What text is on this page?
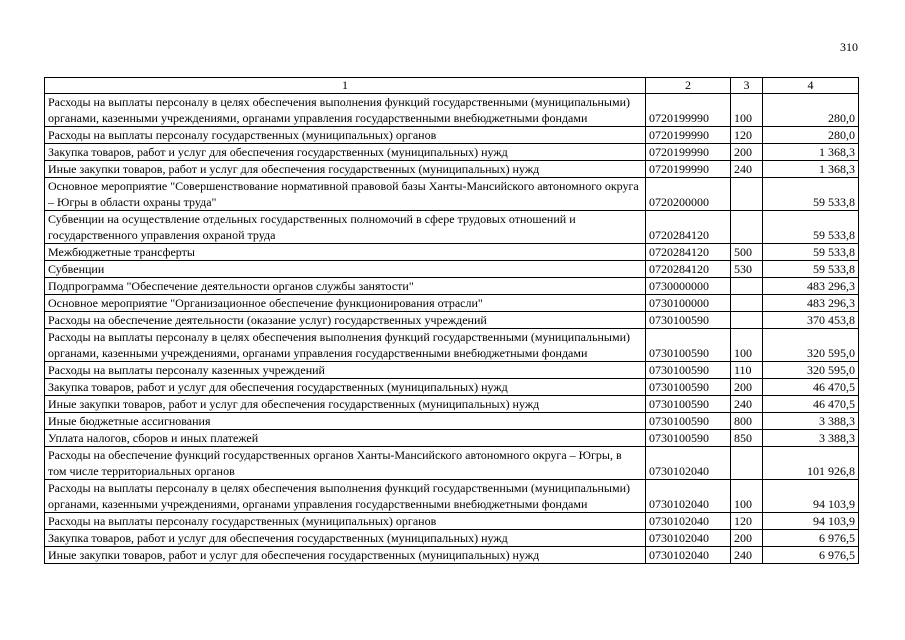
310
1	2	3	4
Расходы на выплаты персоналу в целях обеспечения выполнения функций государственными (муниципальными) органами, казенными учреждениями, органами управления государственными внебюджетными фондами	0720199990	100	280,0
Расходы на выплаты персоналу государственных (муниципальных) органов	0720199990	120	280,0
Закупка товаров, работ и услуг для обеспечения государственных (муниципальных) нужд	0720199990	200	1 368,3
Иные закупки товаров, работ и услуг для обеспечения государственных (муниципальных) нужд	0720199990	240	1 368,3
Основное мероприятие "Совершенствование нормативной правовой базы Ханты-Мансийского автономного округа – Югры в области охраны труда"	0720200000		59 533,8
Субвенции на осуществление отдельных государственных полномочий в сфере трудовых отношений и государственного управления охраной труда	0720284120		59 533,8
Межбюджетные трансферты	0720284120	500	59 533,8
Субвенции	0720284120	530	59 533,8
Подпрограмма "Обеспечение деятельности органов службы занятости"	0730000000		483 296,3
Основное мероприятие "Организационное обеспечение функционирования отрасли"	0730100000		483 296,3
Расходы на обеспечение деятельности (оказание услуг) государственных учреждений	0730100590		370 453,8
Расходы на выплаты персоналу в целях обеспечения выполнения функций государственными (муниципальными) органами, казенными учреждениями, органами управления государственными внебюджетными фондами	0730100590	100	320 595,0
Расходы на выплаты персоналу казенных учреждений	0730100590	110	320 595,0
Закупка товаров, работ и услуг для обеспечения государственных (муниципальных) нужд	0730100590	200	46 470,5
Иные закупки товаров, работ и услуг для обеспечения государственных (муниципальных) нужд	0730100590	240	46 470,5
Иные бюджетные ассигнования	0730100590	800	3 388,3
Уплата налогов, сборов и иных платежей	0730100590	850	3 388,3
Расходы на обеспечение функций государственных органов Ханты-Мансийского автономного округа – Югры, в том числе территориальных органов	0730102040		101 926,8
Расходы на выплаты персоналу в целях обеспечения выполнения функций государственными (муниципальными) органами, казенными учреждениями, органами управления государственными внебюджетными фондами	0730102040	100	94 103,9
Расходы на выплаты персоналу государственных (муниципальных) органов	0730102040	120	94 103,9
Закупка товаров, работ и услуг для обеспечения государственных (муниципальных) нужд	0730102040	200	6 976,5
Иные закупки товаров, работ и услуг для обеспечения государственных (муниципальных) нужд	0730102040	240	6 976,5
